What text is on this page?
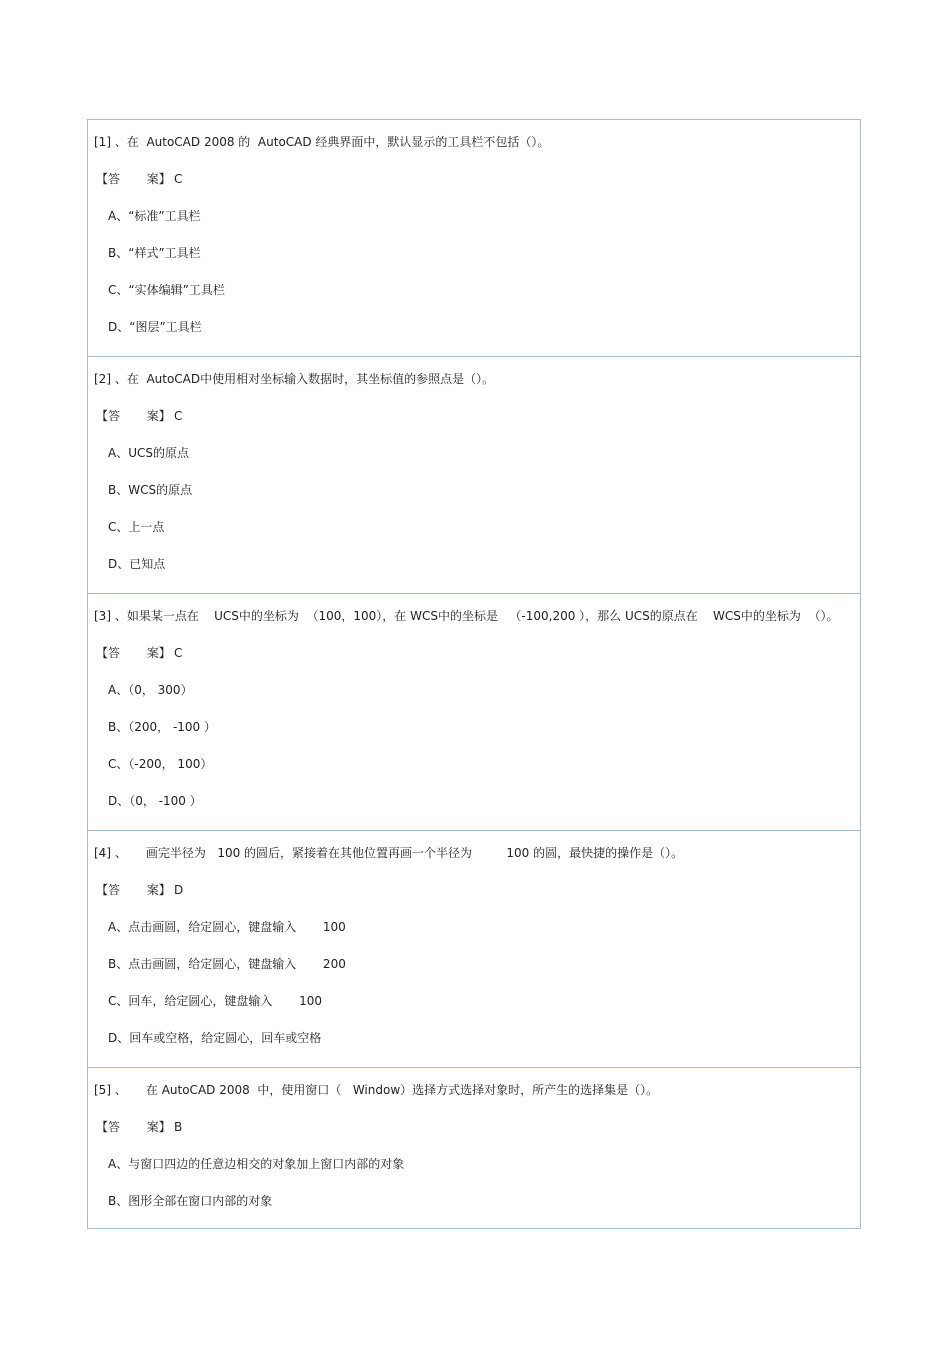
[1] 、在  AutoCAD 2008 的  AutoCAD 经典界面中，默认显示的工具栏不包括（）。
【答       案】 C
A、“标准”工具栏
B、“样式”工具栏
C、“实体编辑”工具栏
D、“图层”工具栏
[2] 、在  AutoCAD中使用相对坐标输入数据时，其坐标值的参照点是（）。
【答       案】 C
A、UCS的原点
B、WCS的原点
C、上一点
D、已知点
[3] 、如果某一点在    UCS中的坐标为  （100，100），在 WCS中的坐标是   （-100,200 ），那么 UCS的原点在    WCS中的坐标为  （）。
【答       案】 C
A、（0， 300）
B、（200， -100 ）
C、（-200， 100）
D、（0， -100 ）
[4] 、     画完半径为   100 的圆后，紧接着在其他位置再画一个半径为         100 的圆，最快捷的操作是（）。
【答       案】 D
A、点击画圆，给定圆心，键盘输入       100
B、点击画圆，给定圆心，键盘输入       200
C、回车，给定圆心，键盘输入       100
D、回车或空格，给定圆心，回车或空格
[5] 、     在 AutoCAD 2008  中，使用窗口（   Window）选择方式选择对象时，所产生的选择集是（）。
【答       案】 B
A、与窗口四边的任意边相交的对象加上窗口内部的对象
B、图形全部在窗口内部的对象
